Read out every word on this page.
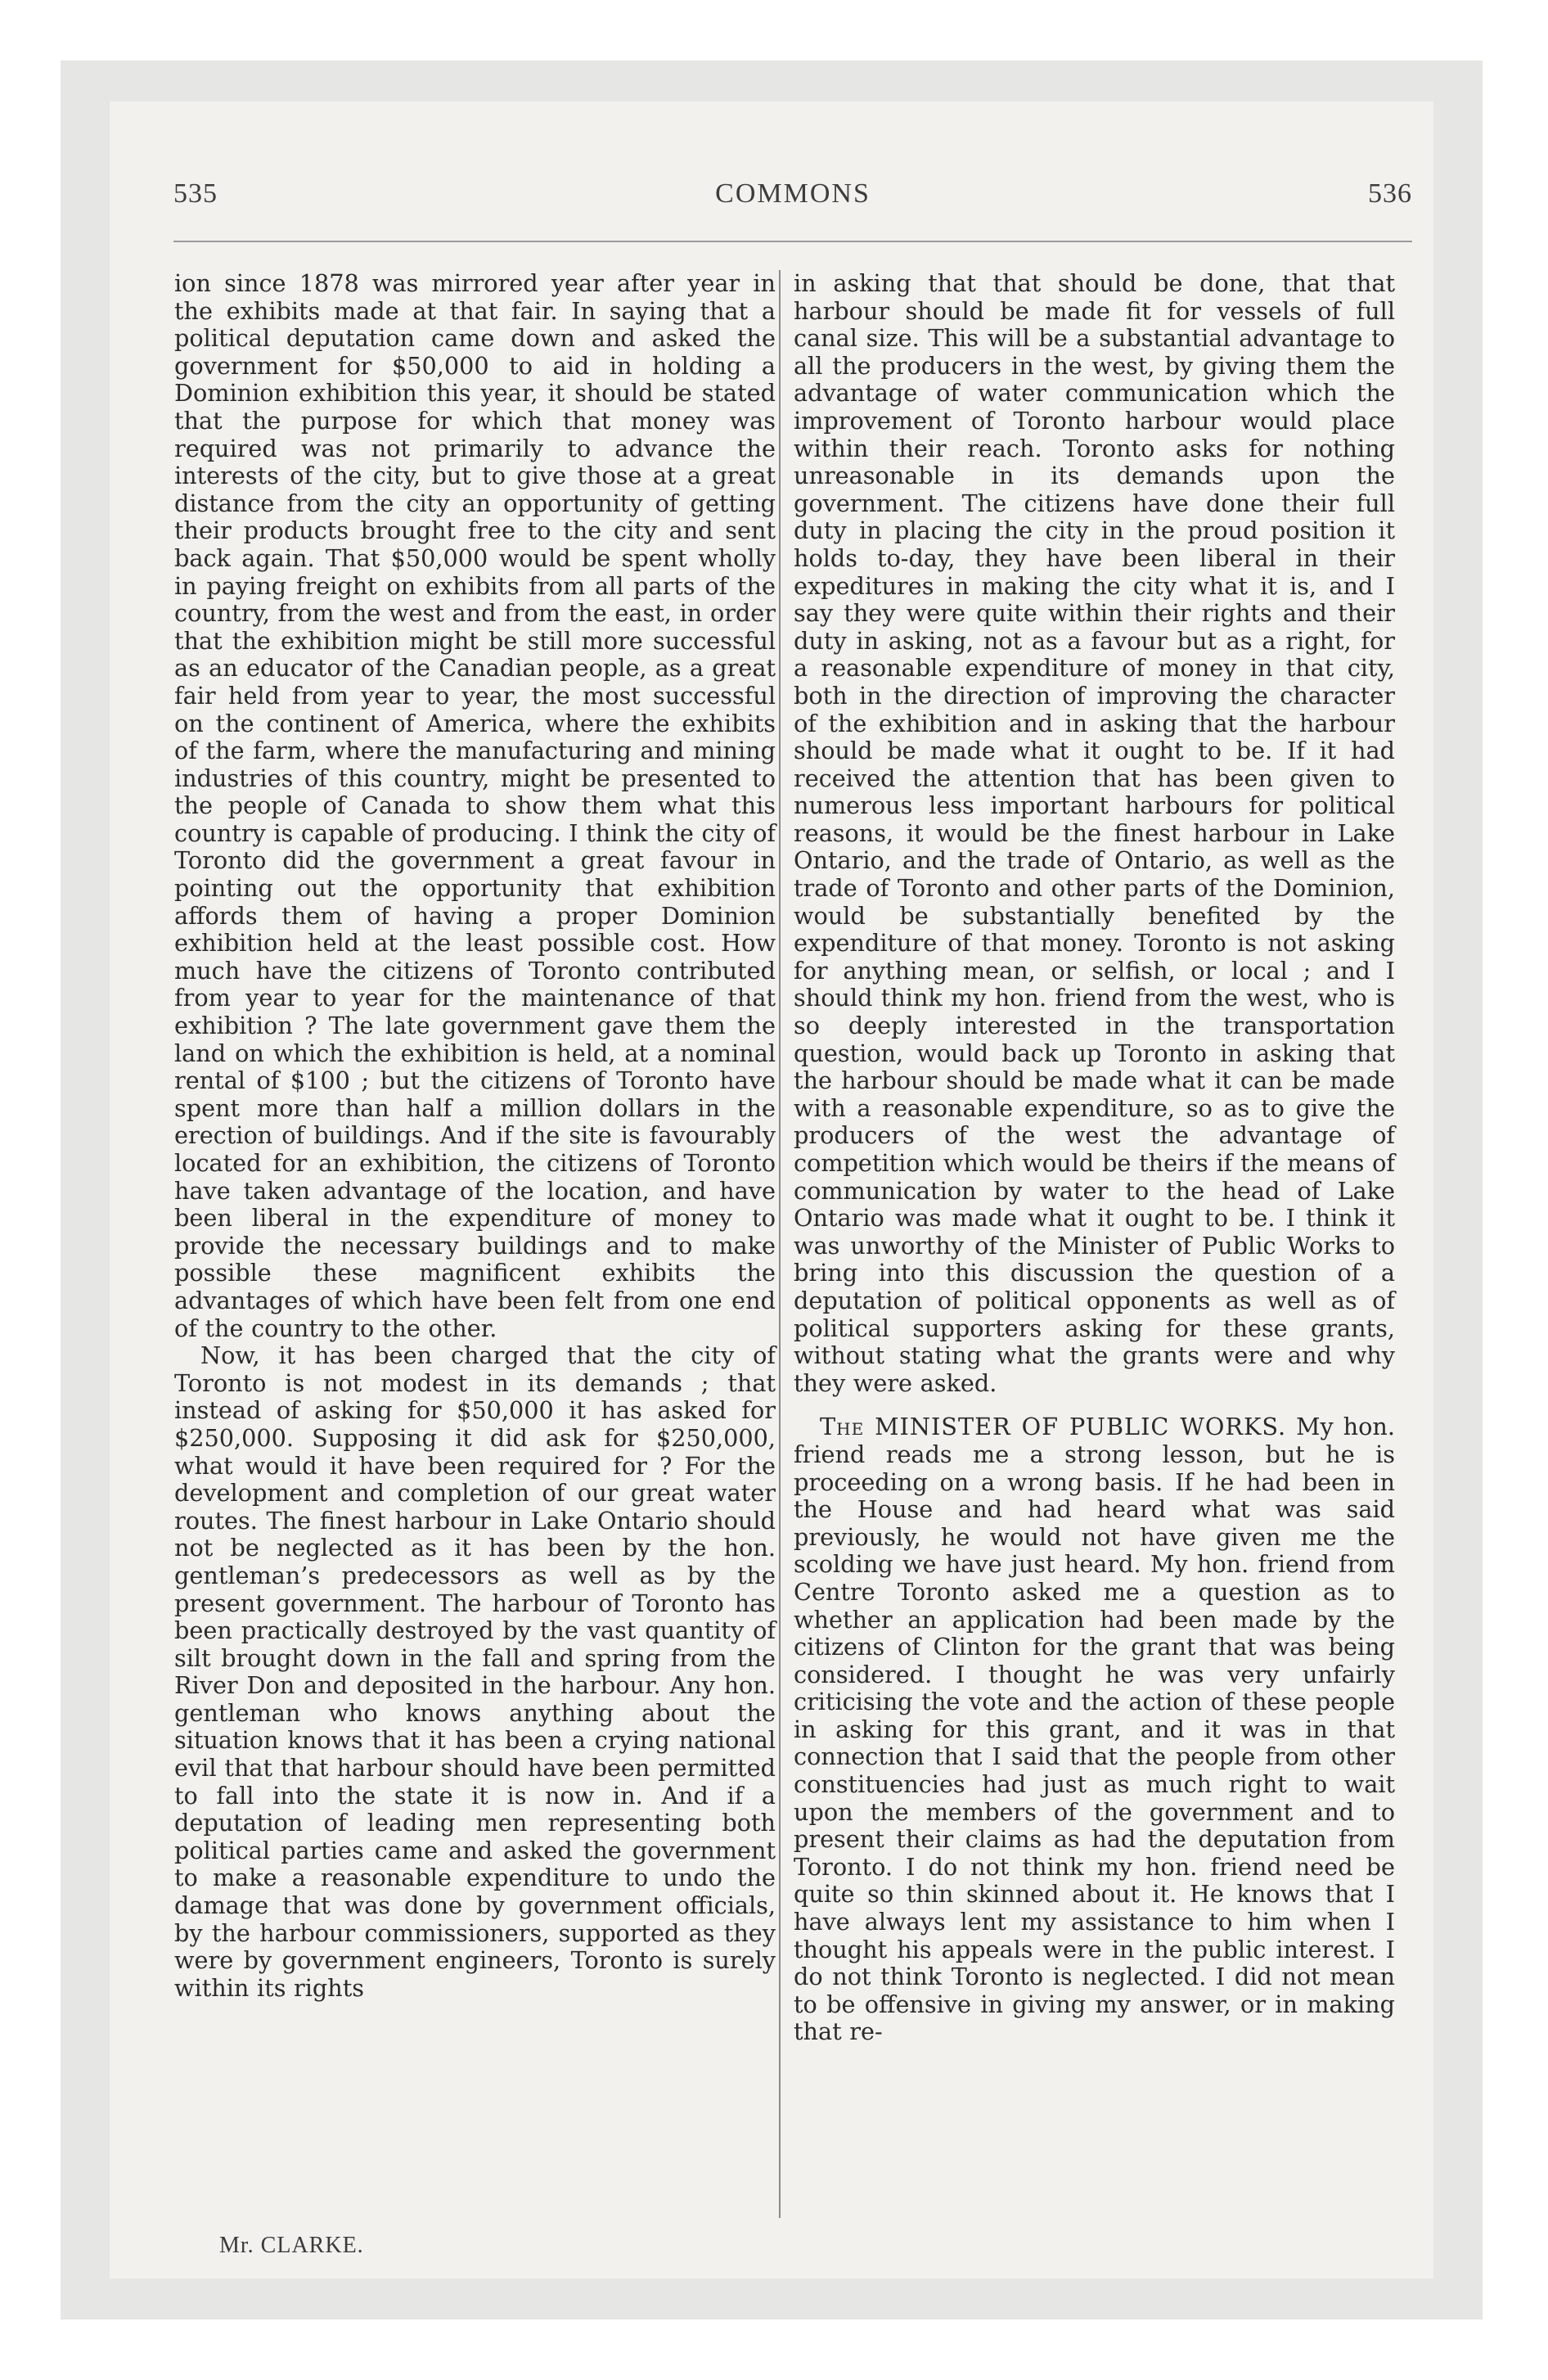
535	COMMONS	536

ion since 1878 was mirrored year after year in the exhibits made at that fair. In saying that a political deputation came down and asked the government for $50,000 to aid in holding a Dominion exhibition this year, it should be stated that the purpose for which that money was required was not primarily to advance the interests of the city, but to give those at a great distance from the city an opportunity of getting their products brought free to the city and sent back again. That $50,000 would be spent wholly in paying freight on exhibits from all parts of the country, from the west and from the east, in order that the exhibition might be still more successful as an educator of the Canadian people, as a great fair held from year to year, the most successful on the continent of America, where the exhibits of the farm, where the manufacturing and mining industries of this country, might be presented to the people of Canada to show them what this country is capable of producing. I think the city of Toronto did the government a great favour in pointing out the opportunity that exhibition affords them of having a proper Dominion exhibition held at the least possible cost. How much have the citizens of Toronto contributed from year to year for the maintenance of that exhibition ? The late government gave them the land on which the exhibition is held, at a nominal rental of $100 ; but the citizens of Toronto have spent more than half a million dollars in the erection of buildings. And if the site is favourably located for an exhibition, the citizens of Toronto have taken advantage of the location, and have been liberal in the expenditure of money to provide the necessary buildings and to make possible these magnificent exhibits the advantages of which have been felt from one end of the country to the other.

Now, it has been charged that the city of Toronto is not modest in its demands ; that instead of asking for $50,000 it has asked for $250,000. Supposing it did ask for $250,000, what would it have been required for ? For the development and completion of our great water routes. The finest harbour in Lake Ontario should not be neglected as it has been by the hon. gentleman’s predecessors as well as by the present government. The harbour of Toronto has been practically destroyed by the vast quantity of silt brought down in the fall and spring from the River Don and deposited in the harbour. Any hon. gentleman who knows anything about the situation knows that it has been a crying national evil that that harbour should have been permitted to fall into the state it is now in. And if a deputation of leading men representing both political parties came and asked the government to make a reasonable expenditure to undo the damage that was done by government officials, by the harbour commissioners, supported as they were by government engineers, Toronto is surely within its rights

in asking that that should be done, that that harbour should be made fit for vessels of full canal size. This will be a substantial advantage to all the producers in the west, by giving them the advantage of water communication which the improvement of Toronto harbour would place within their reach. Toronto asks for nothing unreasonable in its demands upon the government. The citizens have done their full duty in placing the city in the proud position it holds to-day, they have been liberal in their expeditures in making the city what it is, and I say they were quite within their rights and their duty in asking, not as a favour but as a right, for a reasonable expenditure of money in that city, both in the direction of improving the character of the exhibition and in asking that the harbour should be made what it ought to be. If it had received the attention that has been given to numerous less important harbours for political reasons, it would be the finest harbour in Lake Ontario, and the trade of Ontario, as well as the trade of Toronto and other parts of the Dominion, would be substantially benefited by the expenditure of that money. Toronto is not asking for anything mean, or selfish, or local ; and I should think my hon. friend from the west, who is so deeply interested in the transportation question, would back up Toronto in asking that the harbour should be made what it can be made with a reasonable expenditure, so as to give the producers of the west the advantage of competition which would be theirs if the means of communication by water to the head of Lake Ontario was made what it ought to be. I think it was unworthy of the Minister of Public Works to bring into this discussion the question of a deputation of political opponents as well as of political supporters asking for these grants, without stating what the grants were and why they were asked.

The MINISTER OF PUBLIC WORKS. My hon. friend reads me a strong lesson, but he is proceeding on a wrong basis. If he had been in the House and had heard what was said previously, he would not have given me the scolding we have just heard. My hon. friend from Centre Toronto asked me a question as to whether an application had been made by the citizens of Clinton for the grant that was being considered. I thought he was very unfairly criticising the vote and the action of these people in asking for this grant, and it was in that connection that I said that the people from other constituencies had just as much right to wait upon the members of the government and to present their claims as had the deputation from Toronto. I do not think my hon. friend need be quite so thin skinned about it. He knows that I have always lent my assistance to him when I thought his appeals were in the public interest. I do not think Toronto is neglected. I did not mean to be offensive in giving my answer, or in making that re-

Mr. CLARKE.
